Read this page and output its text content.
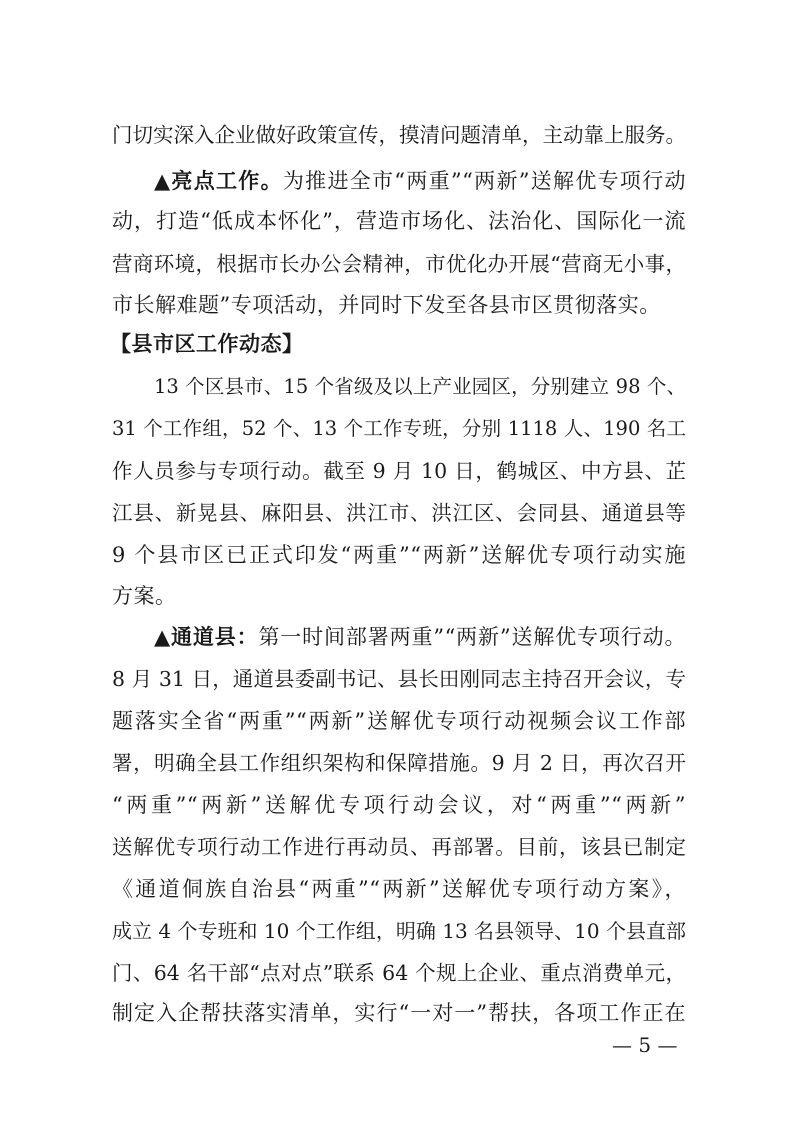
门切实深入企业做好政策宣传，摸清问题清单，主动靠上服务。
▲亮点工作。为推进全市“两重”“两新”送解优专项行动
动，打造“低成本怀化”，营造市场化、法治化、国际化一流
营商环境，根据市长办公会精神，市优化办开展“营商无小事，
市长解难题”专项活动，并同时下发至各县市区贯彻落实。
【县市区工作动态】
13 个区县市、15 个省级及以上产业园区，分别建立 98 个、
31 个工作组，52 个、13 个工作专班，分别 1118 人、190 名工
作人员参与专项行动。截至 9 月 10 日，鹤城区、中方县、芷
江县、新晃县、麻阳县、洪江市、洪江区、会同县、通道县等
9 个县市区已正式印发“两重”“两新”送解优专项行动实施
方案。
▲通道县：第一时间部署两重”“两新”送解优专项行动。
8 月 31 日，通道县委副书记、县长田刚同志主持召开会议，专
题落实全省“两重”“两新”送解优专项行动视频会议工作部
署，明确全县工作组织架构和保障措施。9 月 2 日，再次召开
“两重”“两新”送解优专项行动会议，对“两重”“两新”
送解优专项行动工作进行再动员、再部署。目前，该县已制定
《通道侗族自治县“两重”“两新”送解优专项行动方案》，
成立 4 个专班和 10 个工作组，明确 13 名县领导、10 个县直部
门、64 名干部“点对点”联系 64 个规上企业、重点消费单元，
制定入企帮扶落实清单，实行“一对一”帮扶，各项工作正在
— 5 —
